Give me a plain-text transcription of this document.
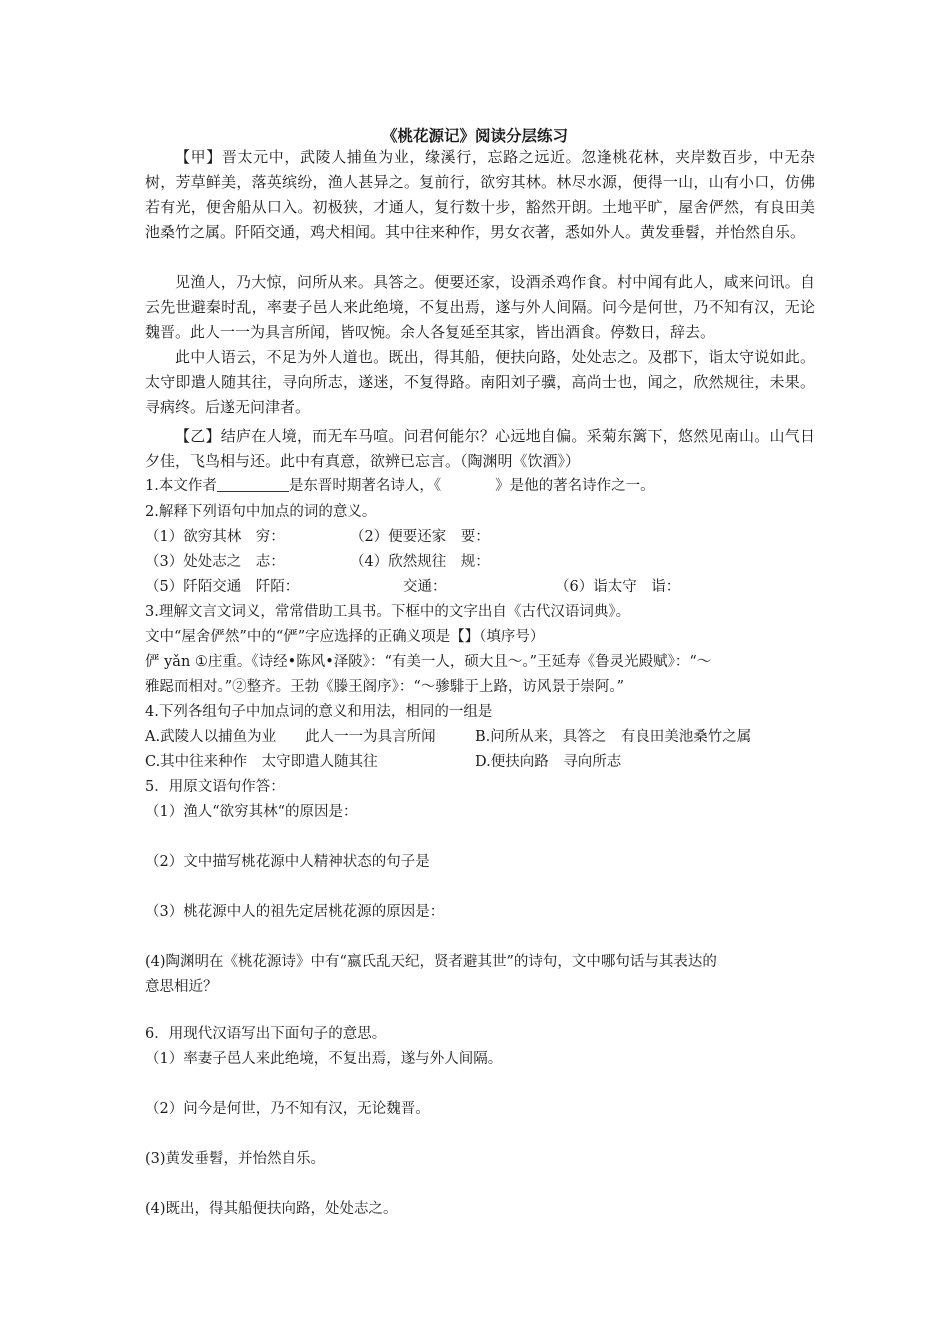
《桃花源记》阅读分层练习
【甲】晋太元中，武陵人捕鱼为业，缘溪行，忘路之远近。忽逢桃花林，夹岸数百步，中无杂树，芳草鲜美，落英缤纷，渔人甚异之。复前行，欲穷其林。林尽水源，便得一山，山有小口，仿佛若有光，便舍船从口入。初极狭，才通人，复行数十步，豁然开朗。土地平旷，屋舍俨然，有良田美池桑竹之属。阡陌交通，鸡犬相闻。其中往来种作，男女衣著，悉如外人。黄发垂髫，并怡然自乐。
见渔人，乃大惊，问所从来。具答之。便要还家，设酒杀鸡作食。村中闻有此人，咸来问讯。自云先世避秦时乱，率妻子邑人来此绝境，不复出焉，遂与外人间隔。问今是何世，乃不知有汉，无论魏晋。此人一一为具言所闻，皆叹惋。余人各复延至其家，皆出酒食。停数日，辞去。
此中人语云，不足为外人道也。既出，得其船，便扶向路，处处志之。及郡下，诣太守说如此。太守即遣人随其往，寻向所志，遂迷，不复得路。南阳刘子骥，高尚士也，闻之，欣然规往，未果。寻病终。后遂无问津者。
【乙】结庐在人境，而无车马喧。问君何能尔？心远地自偏。采菊东篱下，悠然见南山。山气日夕佳，飞鸟相与还。此中有真意，欲辨已忘言。（陶渊明《饮酒》）
1.本文作者	是东晋时期著名诗人，《	》是他的著名诗作之一。
2.解释下列语句中加点的词的意义。
（1）欲穷其林　穷：	（2）便要还家　要：
（3）处处志之　志：	（4）欣然规往　规：
（5）阡陌交通　阡陌：	交通：	（6）诣太守　诣：
3.理解文言文词义，常常借助工具书。下框中的文字出自《古代汉语词典》。
文中“屋舍俨然”中的“俨”字应选择的正确义项是【】（填序号）
俨 yǎn ①庄重。《诗经•陈风•泽陂》：“有美一人，硕大且～。”王延寿《鲁灵光殿赋》：“～
雅跽而相对。”②整齐。王勃《滕王阁序》：“～骖騑于上路，访风景于崇阿。”
4.下列各组句子中加点词的意义和用法，相同的一组是
A.武陵人以捕鱼为业　　此人一一为具言所闻	B.问所从来，具答之　有良田美池桑竹之属
C.其中往来种作　太守即遣人随其往	D.便扶向路　寻向所志
5．用原文语句作答：
（1）渔人“欲穷其林“的原因是：
（2）文中描写桃花源中人精神状态的句子是
（3）桃花源中人的祖先定居桃花源的原因是：
(4)陶渊明在《桃花源诗》中有“嬴氏乱天纪，贤者避其世”的诗句，文中哪句话与其表达的
意思相近？
6．用现代汉语写出下面句子的意思。
（1）率妻子邑人来此绝境，不复出焉，遂与外人间隔。
（2）问今是何世，乃不知有汉，无论魏晋。
(3)黄发垂髫，并怡然自乐。
(4)既出，得其船便扶向路，处处志之。
